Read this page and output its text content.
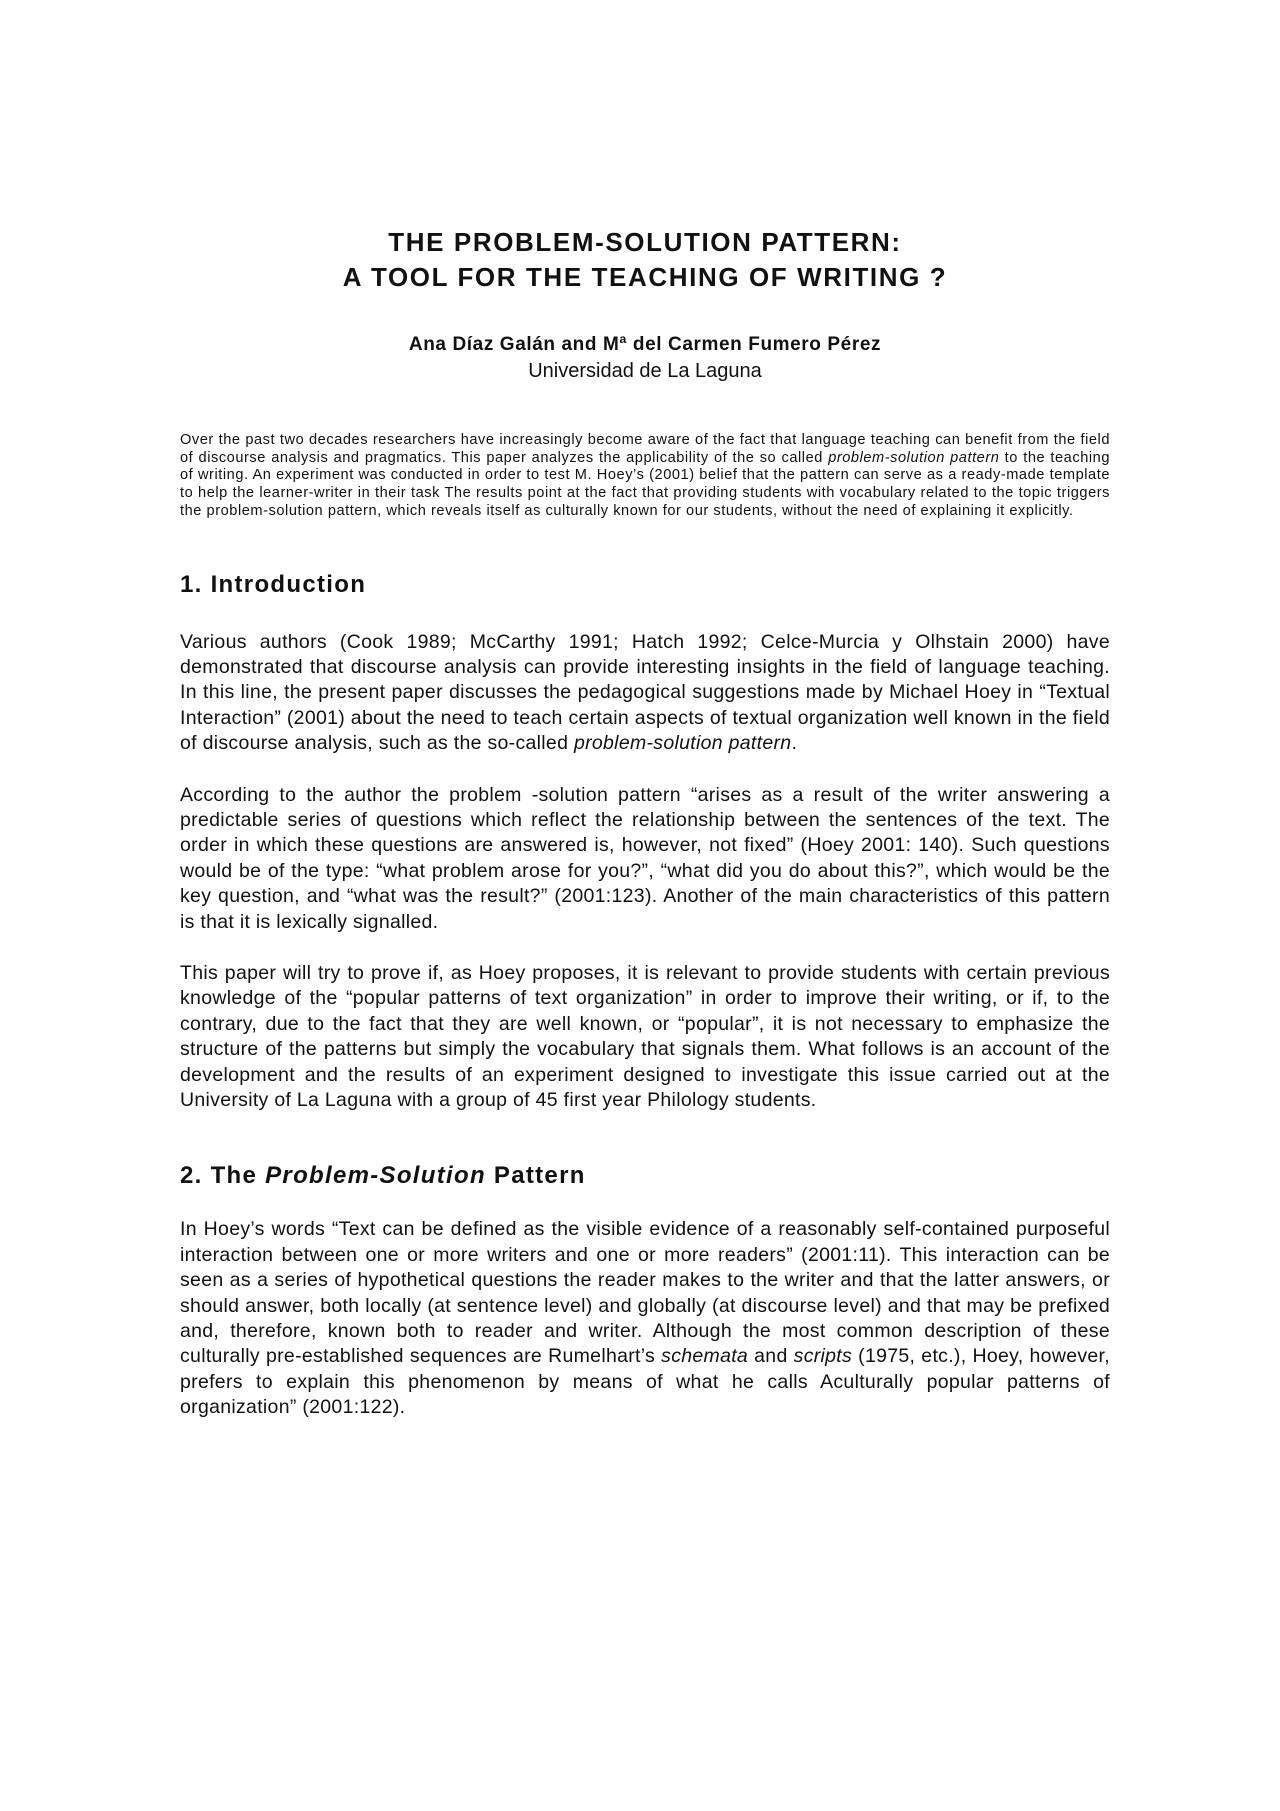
THE PROBLEM-SOLUTION PATTERN:
A TOOL FOR THE TEACHING OF WRITING ?
Ana Díaz Galán and Mª del Carmen Fumero Pérez
Universidad de La Laguna

Over the past two decades researchers have increasingly become aware of the fact that language teaching can benefit from the field of discourse analysis and pragmatics. This paper analyzes the applicability of the so called problem-solution pattern to the teaching of writing. An experiment was conducted in order to test M. Hoey’s (2001) belief that the pattern can serve as a ready-made template to help the learner-writer in their task The results point at the fact that providing students with vocabulary related to the topic triggers the problem-solution pattern, which reveals itself as culturally known for our students, without the need of explaining it explicitly.

1. Introduction

Various authors (Cook 1989; McCarthy 1991; Hatch 1992; Celce-Murcia y Olhstain 2000) have demonstrated that discourse analysis can provide interesting insights in the field of language teaching. In this line, the present paper discusses the pedagogical suggestions made by Michael Hoey in “Textual Interaction” (2001) about the need to teach certain aspects of textual organization well known in the field of discourse analysis, such as the so-called problem-solution pattern.

According to the author the problem -solution pattern “arises as a result of the writer answering a predictable series of questions which reflect the relationship between the sentences of the text. The order in which these questions are answered is, however, not fixed” (Hoey 2001: 140). Such questions would be of the type: “what problem arose for you?”, “what did you do about this?”, which would be the key question, and “what was the result?” (2001:123). Another of the main characteristics of this pattern is that it is lexically signalled.

This paper will try to prove if, as Hoey proposes, it is relevant to provide students with certain previous knowledge of the “popular patterns of text organization” in order to improve their writing, or if, to the contrary, due to the fact that they are well known, or “popular”, it is not necessary to emphasize the structure of the patterns but simply the vocabulary that signals them. What follows is an account of the development and the results of an experiment designed to investigate this issue carried out at the University of La Laguna with a group of 45 first year Philology students.

2. The Problem-Solution Pattern

In Hoey’s words “Text can be defined as the visible evidence of a reasonably self-contained purposeful interaction between one or more writers and one or more readers” (2001:11). This interaction can be seen as a series of hypothetical questions the reader makes to the writer and that the latter answers, or should answer, both locally (at sentence level) and globally (at discourse level) and that may be prefixed and, therefore, known both to reader and writer. Although the most common description of these culturally pre-established sequences are Rumelhart’s schemata and scripts (1975, etc.), Hoey, however, prefers to explain this phenomenon by means of what he calls Aculturally popular patterns of organization” (2001:122).
